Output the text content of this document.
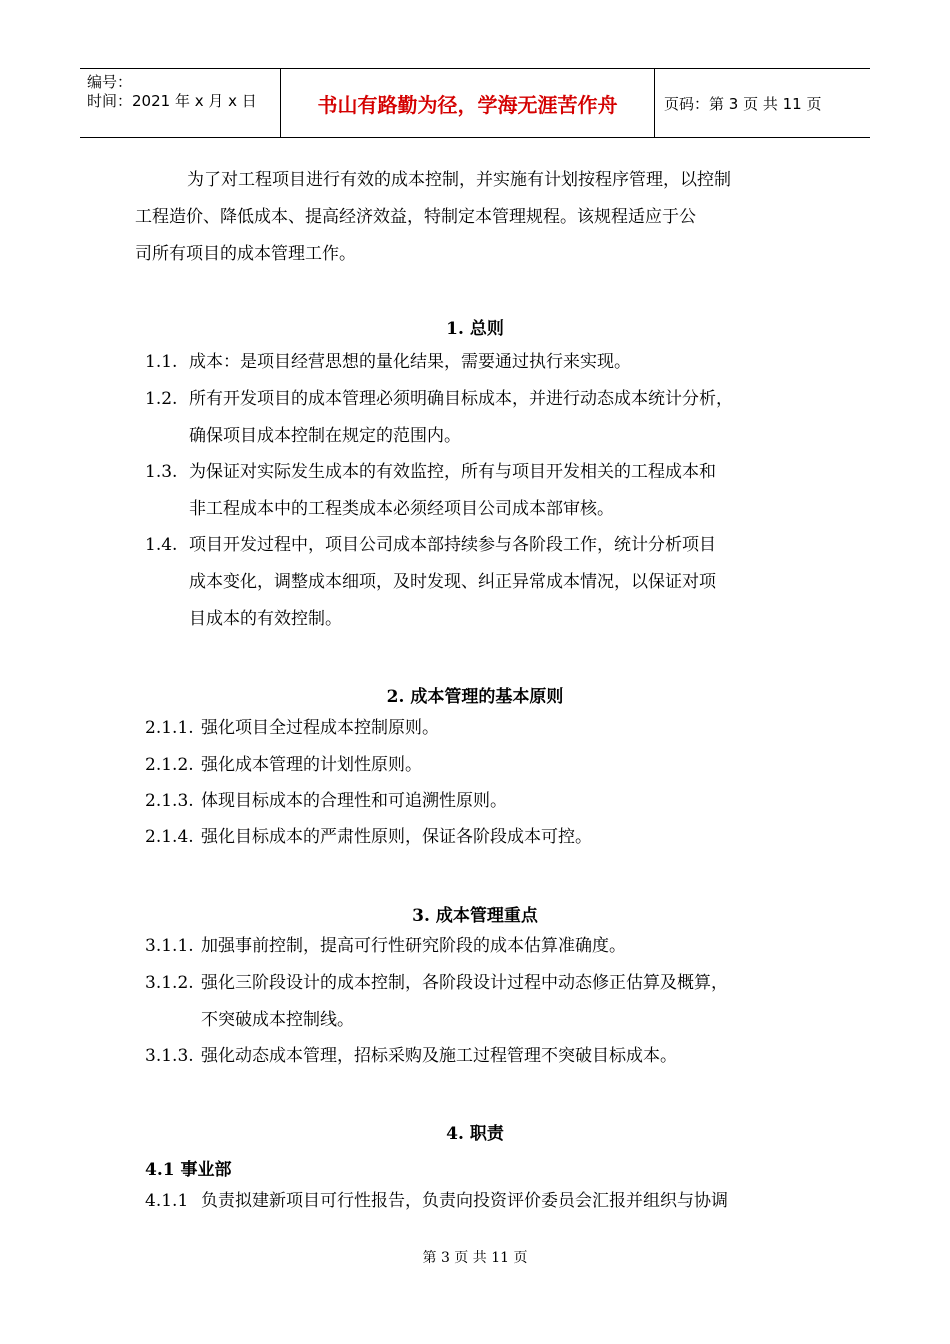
编号：
时间：2021 年 x 月 x 日	书山有路勤为径，学海无涯苦作舟	页码：第 3 页 共 11 页

为了对工程项目进行有效的成本控制，并实施有计划按程序管理，以控制

工程造价、降低成本、提高经济效益，特制定本管理规程。该规程适应于公

司所有项目的成本管理工作。

1. 总则
1.1. 成本：是项目经营思想的量化结果，需要通过执行来实现。
1.2. 所有开发项目的成本管理必须明确目标成本，并进行动态成本统计分析，
确保项目成本控制在规定的范围内。
1.3. 为保证对实际发生成本的有效监控，所有与项目开发相关的工程成本和
非工程成本中的工程类成本必须经项目公司成本部审核。
1.4. 项目开发过程中，项目公司成本部持续参与各阶段工作，统计分析项目
成本变化，调整成本细项，及时发现、纠正异常成本情况，以保证对项
目成本的有效控制。
2. 成本管理的基本原则
2.1.1. 强化项目全过程成本控制原则。
2.1.2. 强化成本管理的计划性原则。
2.1.3. 体现目标成本的合理性和可追溯性原则。
2.1.4. 强化目标成本的严肃性原则，保证各阶段成本可控。
3. 成本管理重点
3.1.1. 加强事前控制，提高可行性研究阶段的成本估算准确度。
3.1.2. 强化三阶段设计的成本控制，各阶段设计过程中动态修正估算及概算，
不突破成本控制线。
3.1.3. 强化动态成本管理，招标采购及施工过程管理不突破目标成本。
4. 职责
4.1 事业部
4.1.1 负责拟建新项目可行性报告，负责向投资评价委员会汇报并组织与协调
第 3 页 共 11 页
